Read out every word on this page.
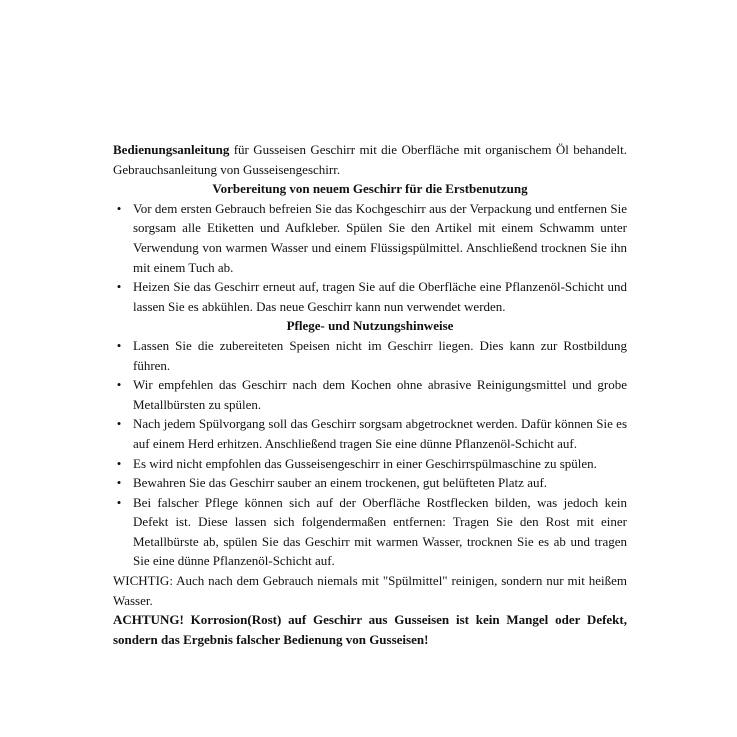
Bedienungsanleitung für Gusseisen Geschirr mit die Oberfläche mit organischem Öl behandelt. Gebrauchsanleitung von Gusseisengeschirr.

Vorbereitung von neuem Geschirr für die Erstbenutzung
• Vor dem ersten Gebrauch befreien Sie das Kochgeschirr aus der Verpackung und entfernen Sie sorgsam alle Etiketten und Aufkleber. Spülen Sie den Artikel mit einem Schwamm unter Verwendung von warmen Wasser und einem Flüssigspülmittel. Anschließend trocknen Sie ihn mit einem Tuch ab.
• Heizen Sie das Geschirr erneut auf, tragen Sie auf die Oberfläche eine Pflanzenöl-Schicht und lassen Sie es abkühlen. Das neue Geschirr kann nun verwendet werden.
Pflege- und Nutzungshinweise
• Lassen Sie die zubereiteten Speisen nicht im Geschirr liegen. Dies kann zur Rostbildung führen.
• Wir empfehlen das Geschirr nach dem Kochen ohne abrasive Reinigungsmittel und grobe Metallbürsten zu spülen.
• Nach jedem Spülvorgang soll das Geschirr sorgsam abgetrocknet werden. Dafür können Sie es auf einem Herd erhitzen. Anschließend tragen Sie eine dünne Pflanzenöl-Schicht auf.
• Es wird nicht empfohlen das Gusseisengeschirr in einer Geschirrspülmaschine zu spülen.
• Bewahren Sie das Geschirr sauber an einem trockenen, gut belüfteten Platz auf.
• Bei falscher Pflege können sich auf der Oberfläche Rostflecken bilden, was jedoch kein Defekt ist. Diese lassen sich folgendermaßen entfernen: Tragen Sie den Rost mit einer Metallbürste ab, spülen Sie das Geschirr mit warmen Wasser, trocknen Sie es ab und tragen Sie eine dünne Pflanzenöl-Schicht auf.

WICHTIG: Auch nach dem Gebrauch niemals mit "Spülmittel" reinigen, sondern nur mit heißem Wasser.

ACHTUNG! Korrosion(Rost) auf Geschirr aus Gusseisen ist kein Mangel oder Defekt, sondern das Ergebnis falscher Bedienung von Gusseisen!
